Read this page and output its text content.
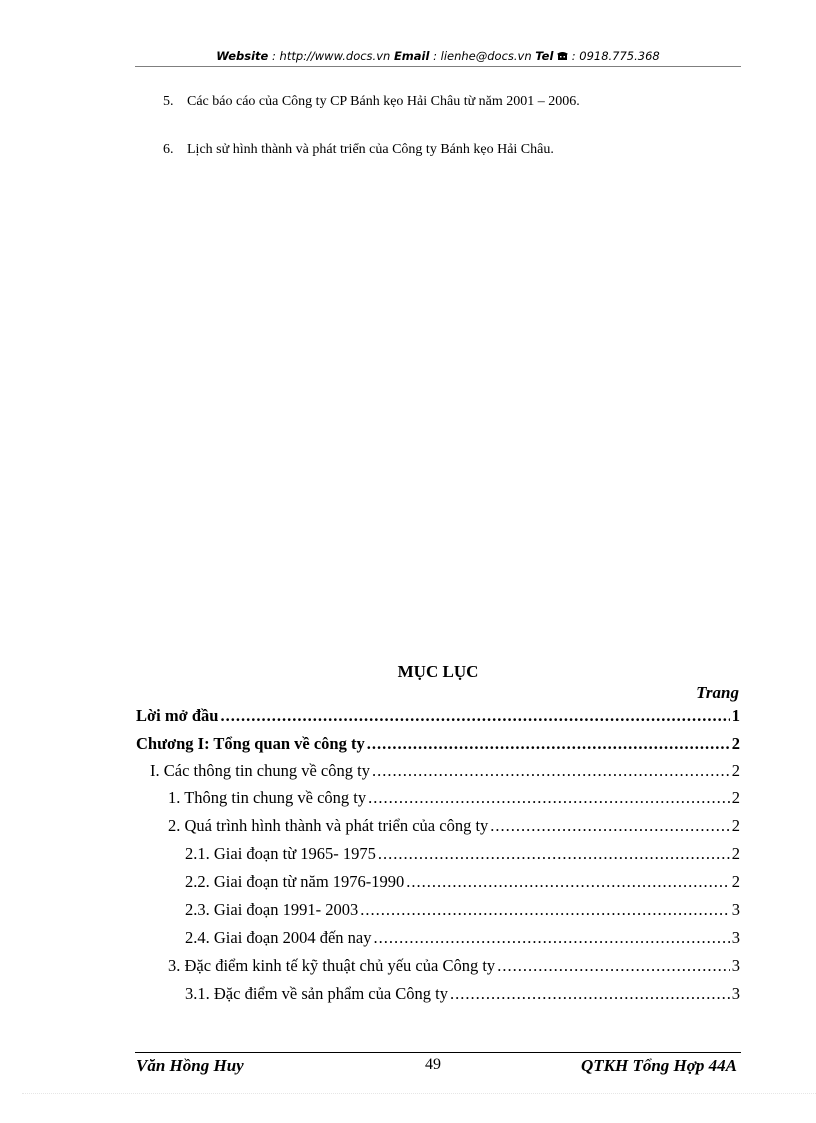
Website : http://www.docs.vn Email : lienhe@docs.vn Tel  : 0918.775.368
5. Các báo cáo của Công ty CP Bánh kẹo Hải Châu từ năm 2001 – 2006.
6. Lịch sử hình thành và phát triển của Công ty Bánh kẹo Hải Châu.
MỤC LỤC
Trang
Lời mở đầu .....	1
Chương I: Tổng quan về công ty .....	2
I. Các thông tin chung về công ty .....	2
1. Thông tin chung về công ty .....	2
2. Quá trình hình thành và phát triển của công ty .....	2
2.1. Giai đoạn từ 1965- 1975 .....	2
2.2. Giai đoạn từ năm 1976-1990 .....	2
2.3. Giai đoạn 1991- 2003 .....	3
2.4. Giai đoạn 2004 đến nay .....	3
3. Đặc điểm kinh tế kỹ thuật chủ yếu của Công ty .....	3
3.1. Đặc điểm về sản phẩm của Công ty .....	3
Văn Hồng Huy	49	QTKH Tổng Hợp 44A
